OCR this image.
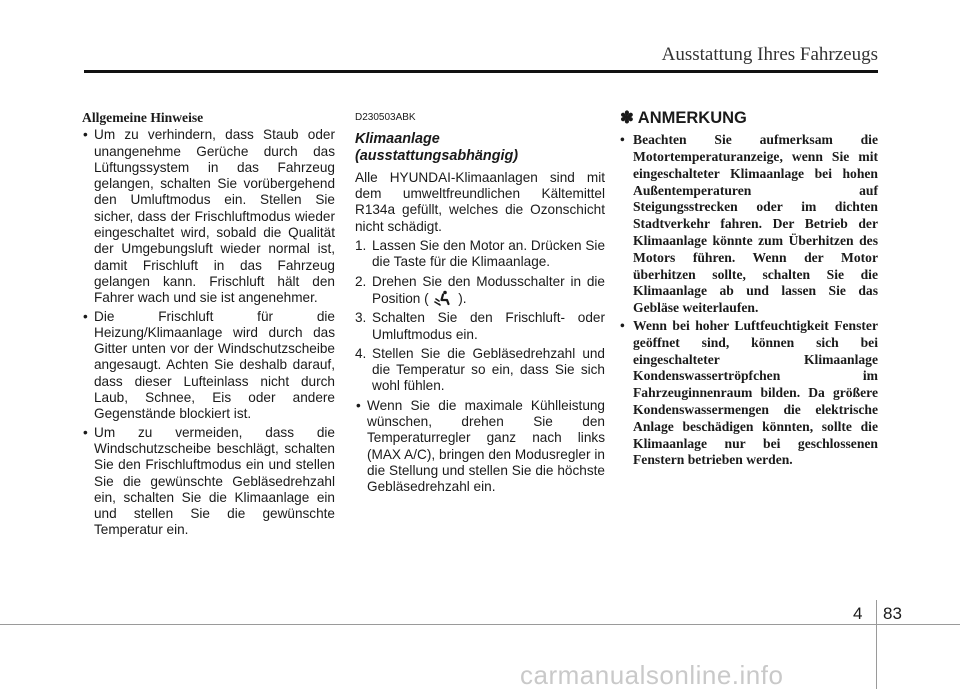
Ausstattung Ihres Fahrzeugs
Allgemeine Hinweise
• Um zu verhindern, dass Staub oder unangenehme Gerüche durch das Lüftungssystem in das Fahrzeug gelangen, schalten Sie vorübergehend den Umluftmodus ein. Stellen Sie sicher, dass der Frischluftmodus wieder eingeschaltet wird, sobald die Qualität der Umgebungsluft wieder normal ist, damit Frischluft in das Fahrzeug gelangen kann. Frischluft hält den Fahrer wach und sie ist angenehmer.
• Die Frischluft für die Heizung/Klimaanlage wird durch das Gitter unten vor der Windschutzscheibe angesaugt. Achten Sie deshalb darauf, dass dieser Lufteinlass nicht durch Laub, Schnee, Eis oder andere Gegenstände blockiert ist.
• Um zu vermeiden, dass die Windschutzscheibe beschlägt, schalten Sie den Frischluftmodus ein und stellen Sie die gewünschte Gebläsedrehzahl ein, schalten Sie die Klimaanlage ein und stellen Sie die gewünschte Temperatur ein.
D230503ABK
Klimaanlage (ausstattungsabhängig)
Alle HYUNDAI-Klimaanlagen sind mit dem umweltfreundlichen Kältemittel R134a gefüllt, welches die Ozonschicht nicht schädigt.
1. Lassen Sie den Motor an. Drücken Sie die Taste für die Klimaanlage.
2. Drehen Sie den Modusschalter in die Position ( ).
3. Schalten Sie den Frischluft- oder Umluftmodus ein.
4. Stellen Sie die Gebläsedrehzahl und die Temperatur so ein, dass Sie sich wohl fühlen.
• Wenn Sie die maximale Kühlleistung wünschen, drehen Sie den Temperaturregler ganz nach links (MAX A/C), bringen den Modusregler in die Stellung und stellen Sie die höchste Gebläsedrehzahl ein.
✽ ANMERKUNG
• Beachten Sie aufmerksam die Motortemperaturanzeige, wenn Sie mit eingeschalteter Klimaanlage bei hohen Außentemperaturen auf Steigungsstrecken oder im dichten Stadtverkehr fahren. Der Betrieb der Klimaanlage könnte zum Überhitzen des Motors führen. Wenn der Motor überhitzen sollte, schalten Sie die Klimaanlage ab und lassen Sie das Gebläse weiterlaufen.
• Wenn bei hoher Luftfeuchtigkeit Fenster geöffnet sind, können sich bei eingeschalteter Klimaanlage Kondenswassertröpfchen im Fahrzeuginnenraum bilden. Da größere Kondenswassermengen die elektrische Anlage beschädigen könnten, sollte die Klimaanlage nur bei geschlossenen Fenstern betrieben werden.
4 83
carmanualsonline.info
